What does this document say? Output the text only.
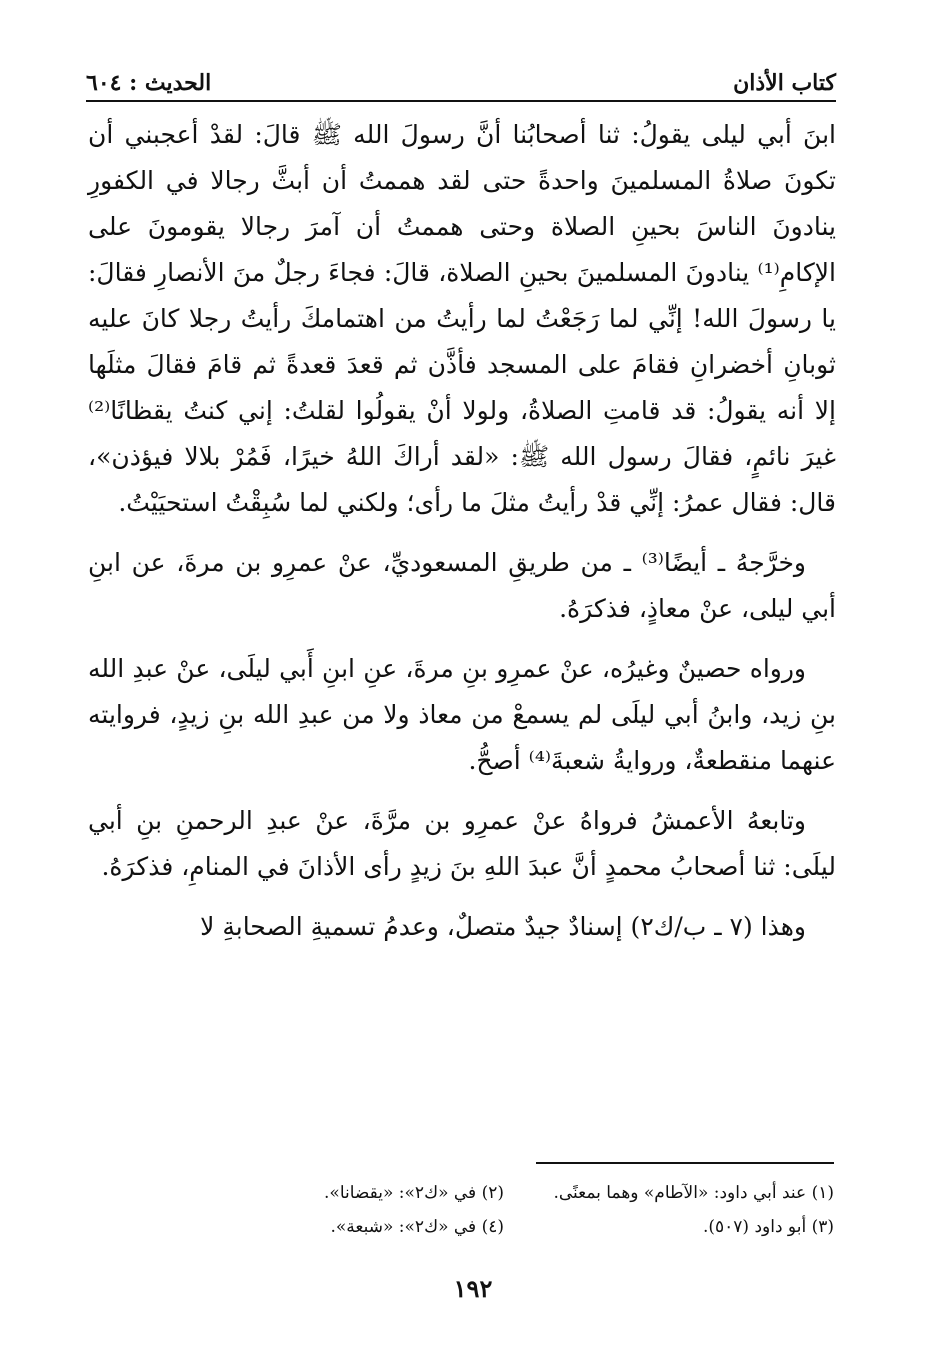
الحديث : ٦٠٤	كتاب الأذان

ابنَ أبي ليلى يقولُ: ثنا أصحابُنا أنَّ رسولَ الله ﷺ قالَ: لقدْ أعجبني أن تكونَ صلاةُ المسلمينَ واحدةً حتى لقد هممتُ أن أبثَّ رجالا في الكفورِ ينادونَ الناسَ بحينِ الصلاة وحتى هممتُ أن آمرَ رجالا يقومونَ على الإكامِ⁽¹⁾ ينادونَ المسلمينَ بحينِ الصلاة، قالَ: فجاءَ رجلٌ منَ الأنصارِ فقالَ: يا رسولَ الله! إنِّي لما رَجَعْتُ لما رأيتُ من اهتمامكَ رأيتُ رجلا كانَ عليه ثوبانِ أخضرانِ فقامَ على المسجد فأذَّن ثم قعدَ قعدةً ثم قامَ فقالَ مثلَها إلا أنه يقولُ: قد قامتِ الصلاةُ، ولولا أنْ يقولُوا لقلتُ: إني كنتُ يقظانًا⁽²⁾ غيرَ نائمٍ، فقالَ رسول الله ﷺ: «لقد أراكَ اللهُ خيرًا، فَمُرْ بلالا فيؤذن»، قال: فقال عمرُ: إنِّي قدْ رأيتُ مثلَ ما رأى؛ ولكني لما سُبِقْتُ استحيَيْتُ.

وخرَّجهُ ـ أيضًا⁽³⁾ ـ من طريقِ المسعوديِّ، عنْ عمرِو بن مرةَ، عن ابنِ أبي ليلى، عنْ معاذٍ، فذكرَهُ.

ورواه حصينٌ وغيرُه، عنْ عمرِو بنِ مرةَ، عنِ ابنِ أَبي ليلَى، عنْ عبدِ الله بنِ زيد، وابنُ أبي ليلَى لم يسمعْ من معاذ ولا من عبدِ الله بنِ زيدٍ، فروايته عنهما منقطعةٌ، وروايةُ شعبةَ⁽⁴⁾ أصحُّ.

وتابعهُ الأعمشُ فرواهُ عنْ عمرِو بن مرَّةَ، عنْ عبدِ الرحمنِ بنِ أبي ليلَى: ثنا أصحابُ محمدٍ أنَّ عبدَ اللهِ بنَ زيدٍ رأى الأذانَ في المنامِ، فذكرَهُ.

وهذا (٧ ـ ب/ك٢) إسنادٌ جيدٌ متصلٌ، وعدمُ تسميةِ الصحابةِ لا

(١) عند أبي داود: «الآطام» وهما بمعنًى.
(٢) في «ك٢»: «يقضانا».
(٣) أبو داود (٥٠٧).
(٤) في «ك٢»: «شبعة».
١٩٢
